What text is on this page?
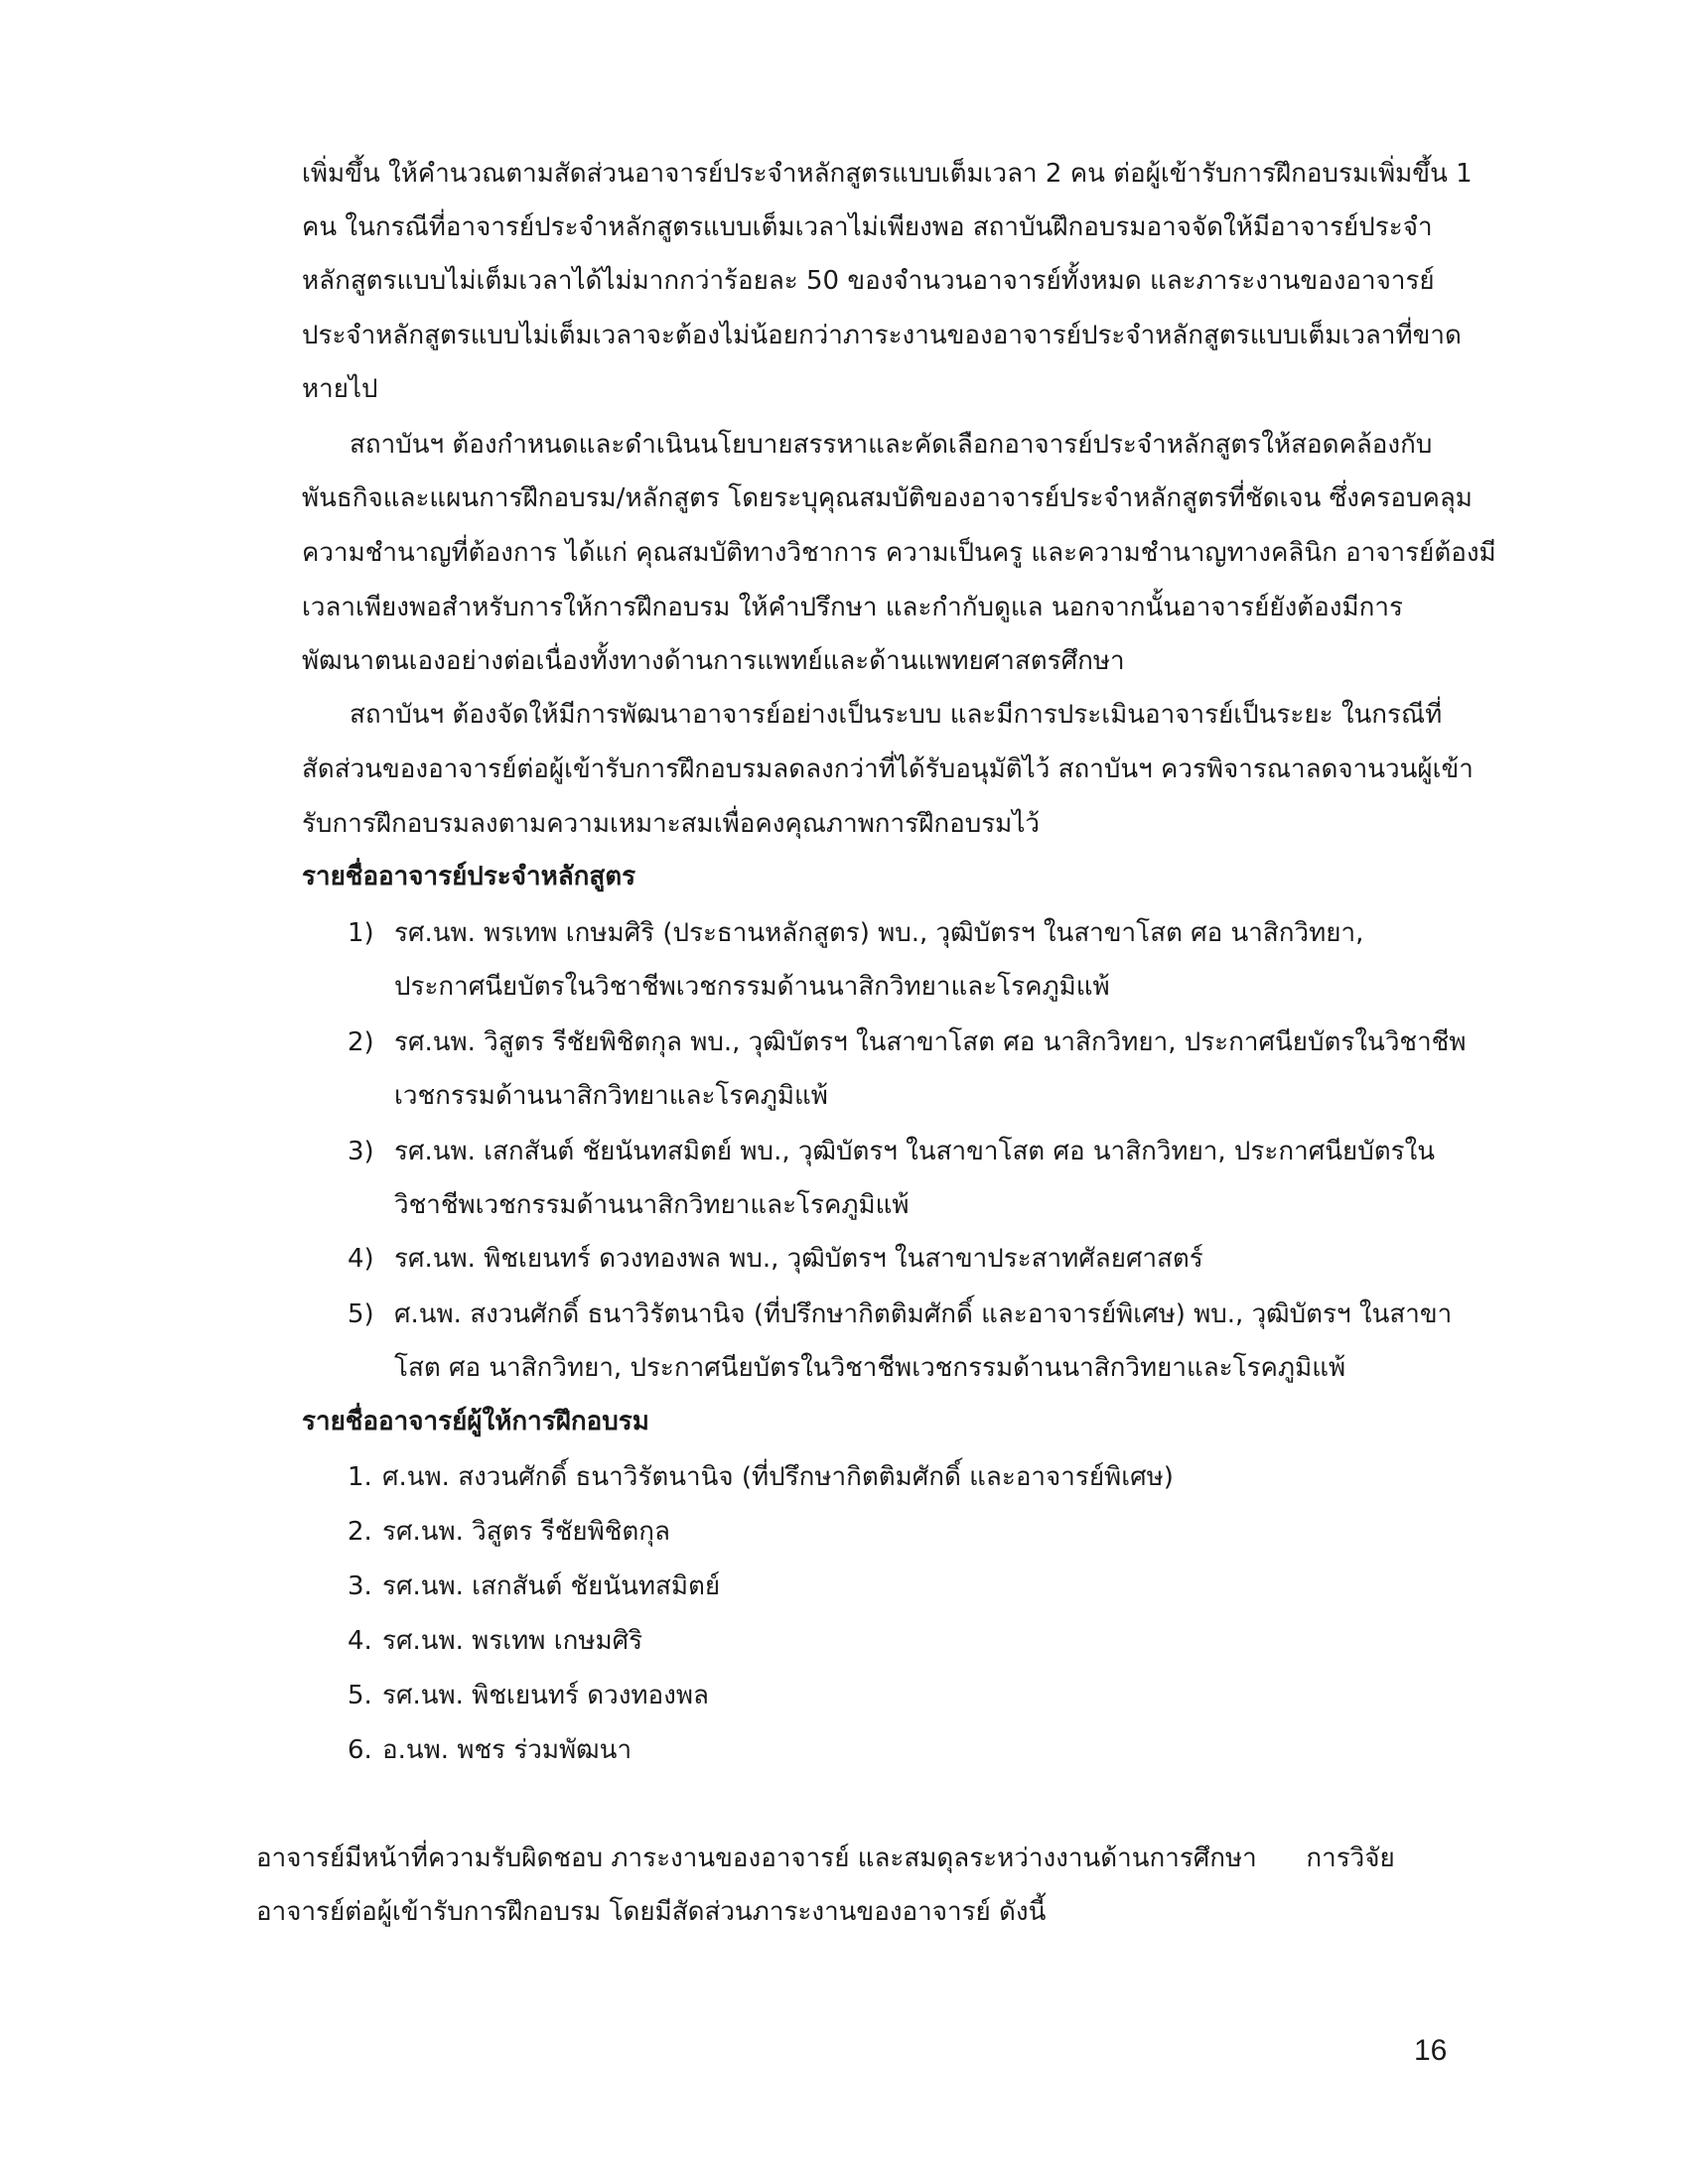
เพิ่มขึ้น ให้คำนวณตามสัดส่วนอาจารย์ประจำหลักสูตรแบบเต็มเวลา 2 คน ต่อผู้เข้ารับการฝึกอบรมเพิ่มขึ้น 1
คน ในกรณีที่อาจารย์ประจำหลักสูตรแบบเต็มเวลาไม่เพียงพอ สถาบันฝึกอบรมอาจจัดให้มีอาจารย์ประจำ
หลักสูตรแบบไม่เต็มเวลาได้ไม่มากกว่าร้อยละ 50 ของจำนวนอาจารย์ทั้งหมด และภาระงานของอาจารย์
ประจำหลักสูตรแบบไม่เต็มเวลาจะต้องไม่น้อยกว่าภาระงานของอาจารย์ประจำหลักสูตรแบบเต็มเวลาที่ขาด
หายไป
สถาบันฯ ต้องกำหนดและดำเนินนโยบายสรรหาและคัดเลือกอาจารย์ประจำหลักสูตรให้สอดคล้องกับ
พันธกิจและแผนการฝึกอบรม/หลักสูตร โดยระบุคุณสมบัติของอาจารย์ประจำหลักสูตรที่ชัดเจน ซึ่งครอบคลุม
ความชำนาญที่ต้องการ ได้แก่ คุณสมบัติทางวิชาการ ความเป็นครู และความชำนาญทางคลินิก อาจารย์ต้องมี
เวลาเพียงพอสำหรับการให้การฝึกอบรม ให้คำปรึกษา และกำกับดูแล นอกจากนั้นอาจารย์ยังต้องมีการ
พัฒนาตนเองอย่างต่อเนื่องทั้งทางด้านการแพทย์และด้านแพทยศาสตรศึกษา
สถาบันฯ ต้องจัดให้มีการพัฒนาอาจารย์อย่างเป็นระบบ และมีการประเมินอาจารย์เป็นระยะ ในกรณีที่
สัดส่วนของอาจารย์ต่อผู้เข้ารับการฝึกอบรมลดลงกว่าที่ได้รับอนุมัติไว้ สถาบันฯ ควรพิจารณาลดจานวนผู้เข้า
รับการฝึกอบรมลงตามความเหมาะสมเพื่อคงคุณภาพการฝึกอบรมไว้
รายชื่ออาจารย์ประจำหลักสูตร
1) รศ.นพ. พรเทพ เกษมศิริ (ประธานหลักสูตร) พบ., วุฒิบัตรฯ ในสาขาโสต ศอ นาสิกวิทยา,
ประกาศนียบัตรในวิชาชีพเวชกรรมด้านนาสิกวิทยาและโรคภูมิแพ้
2) รศ.นพ. วิสูตร รีชัยพิชิตกุล พบ., วุฒิบัตรฯ ในสาขาโสต ศอ นาสิกวิทยา, ประกาศนียบัตรในวิชาชีพ
เวชกรรมด้านนาสิกวิทยาและโรคภูมิแพ้
3) รศ.นพ. เสกสันต์ ชัยนันทสมิตย์ พบ., วุฒิบัตรฯ ในสาขาโสต ศอ นาสิกวิทยา, ประกาศนียบัตรใน
วิชาชีพเวชกรรมด้านนาสิกวิทยาและโรคภูมิแพ้
4) รศ.นพ. พิชเยนทร์ ดวงทองพล พบ., วุฒิบัตรฯ ในสาขาประสาทศัลยศาสตร์
5) ศ.นพ. สงวนศักดิ์ ธนาวิรัตนานิจ (ที่ปรึกษากิตติมศักดิ์ และอาจารย์พิเศษ) พบ., วุฒิบัตรฯ ในสาขา
โสต ศอ นาสิกวิทยา, ประกาศนียบัตรในวิชาชีพเวชกรรมด้านนาสิกวิทยาและโรคภูมิแพ้
รายชื่ออาจารย์ผู้ให้การฝึกอบรม
1. ศ.นพ. สงวนศักดิ์ ธนาวิรัตนานิจ (ที่ปรึกษากิตติมศักดิ์ และอาจารย์พิเศษ)
2. รศ.นพ. วิสูตร รีชัยพิชิตกุล
3. รศ.นพ. เสกสันต์ ชัยนันทสมิตย์
4. รศ.นพ. พรเทพ เกษมศิริ
5. รศ.นพ. พิชเยนทร์ ดวงทองพล
6. อ.นพ. พชร ร่วมพัฒนา
อาจารย์มีหน้าที่ความรับผิดชอบ ภาระงานของอาจารย์ และสมดุลระหว่างงานด้านการศึกษา      การวิจัย
อาจารย์ต่อผู้เข้ารับการฝึกอบรม โดยมีสัดส่วนภาระงานของอาจารย์ ดังนี้
16
